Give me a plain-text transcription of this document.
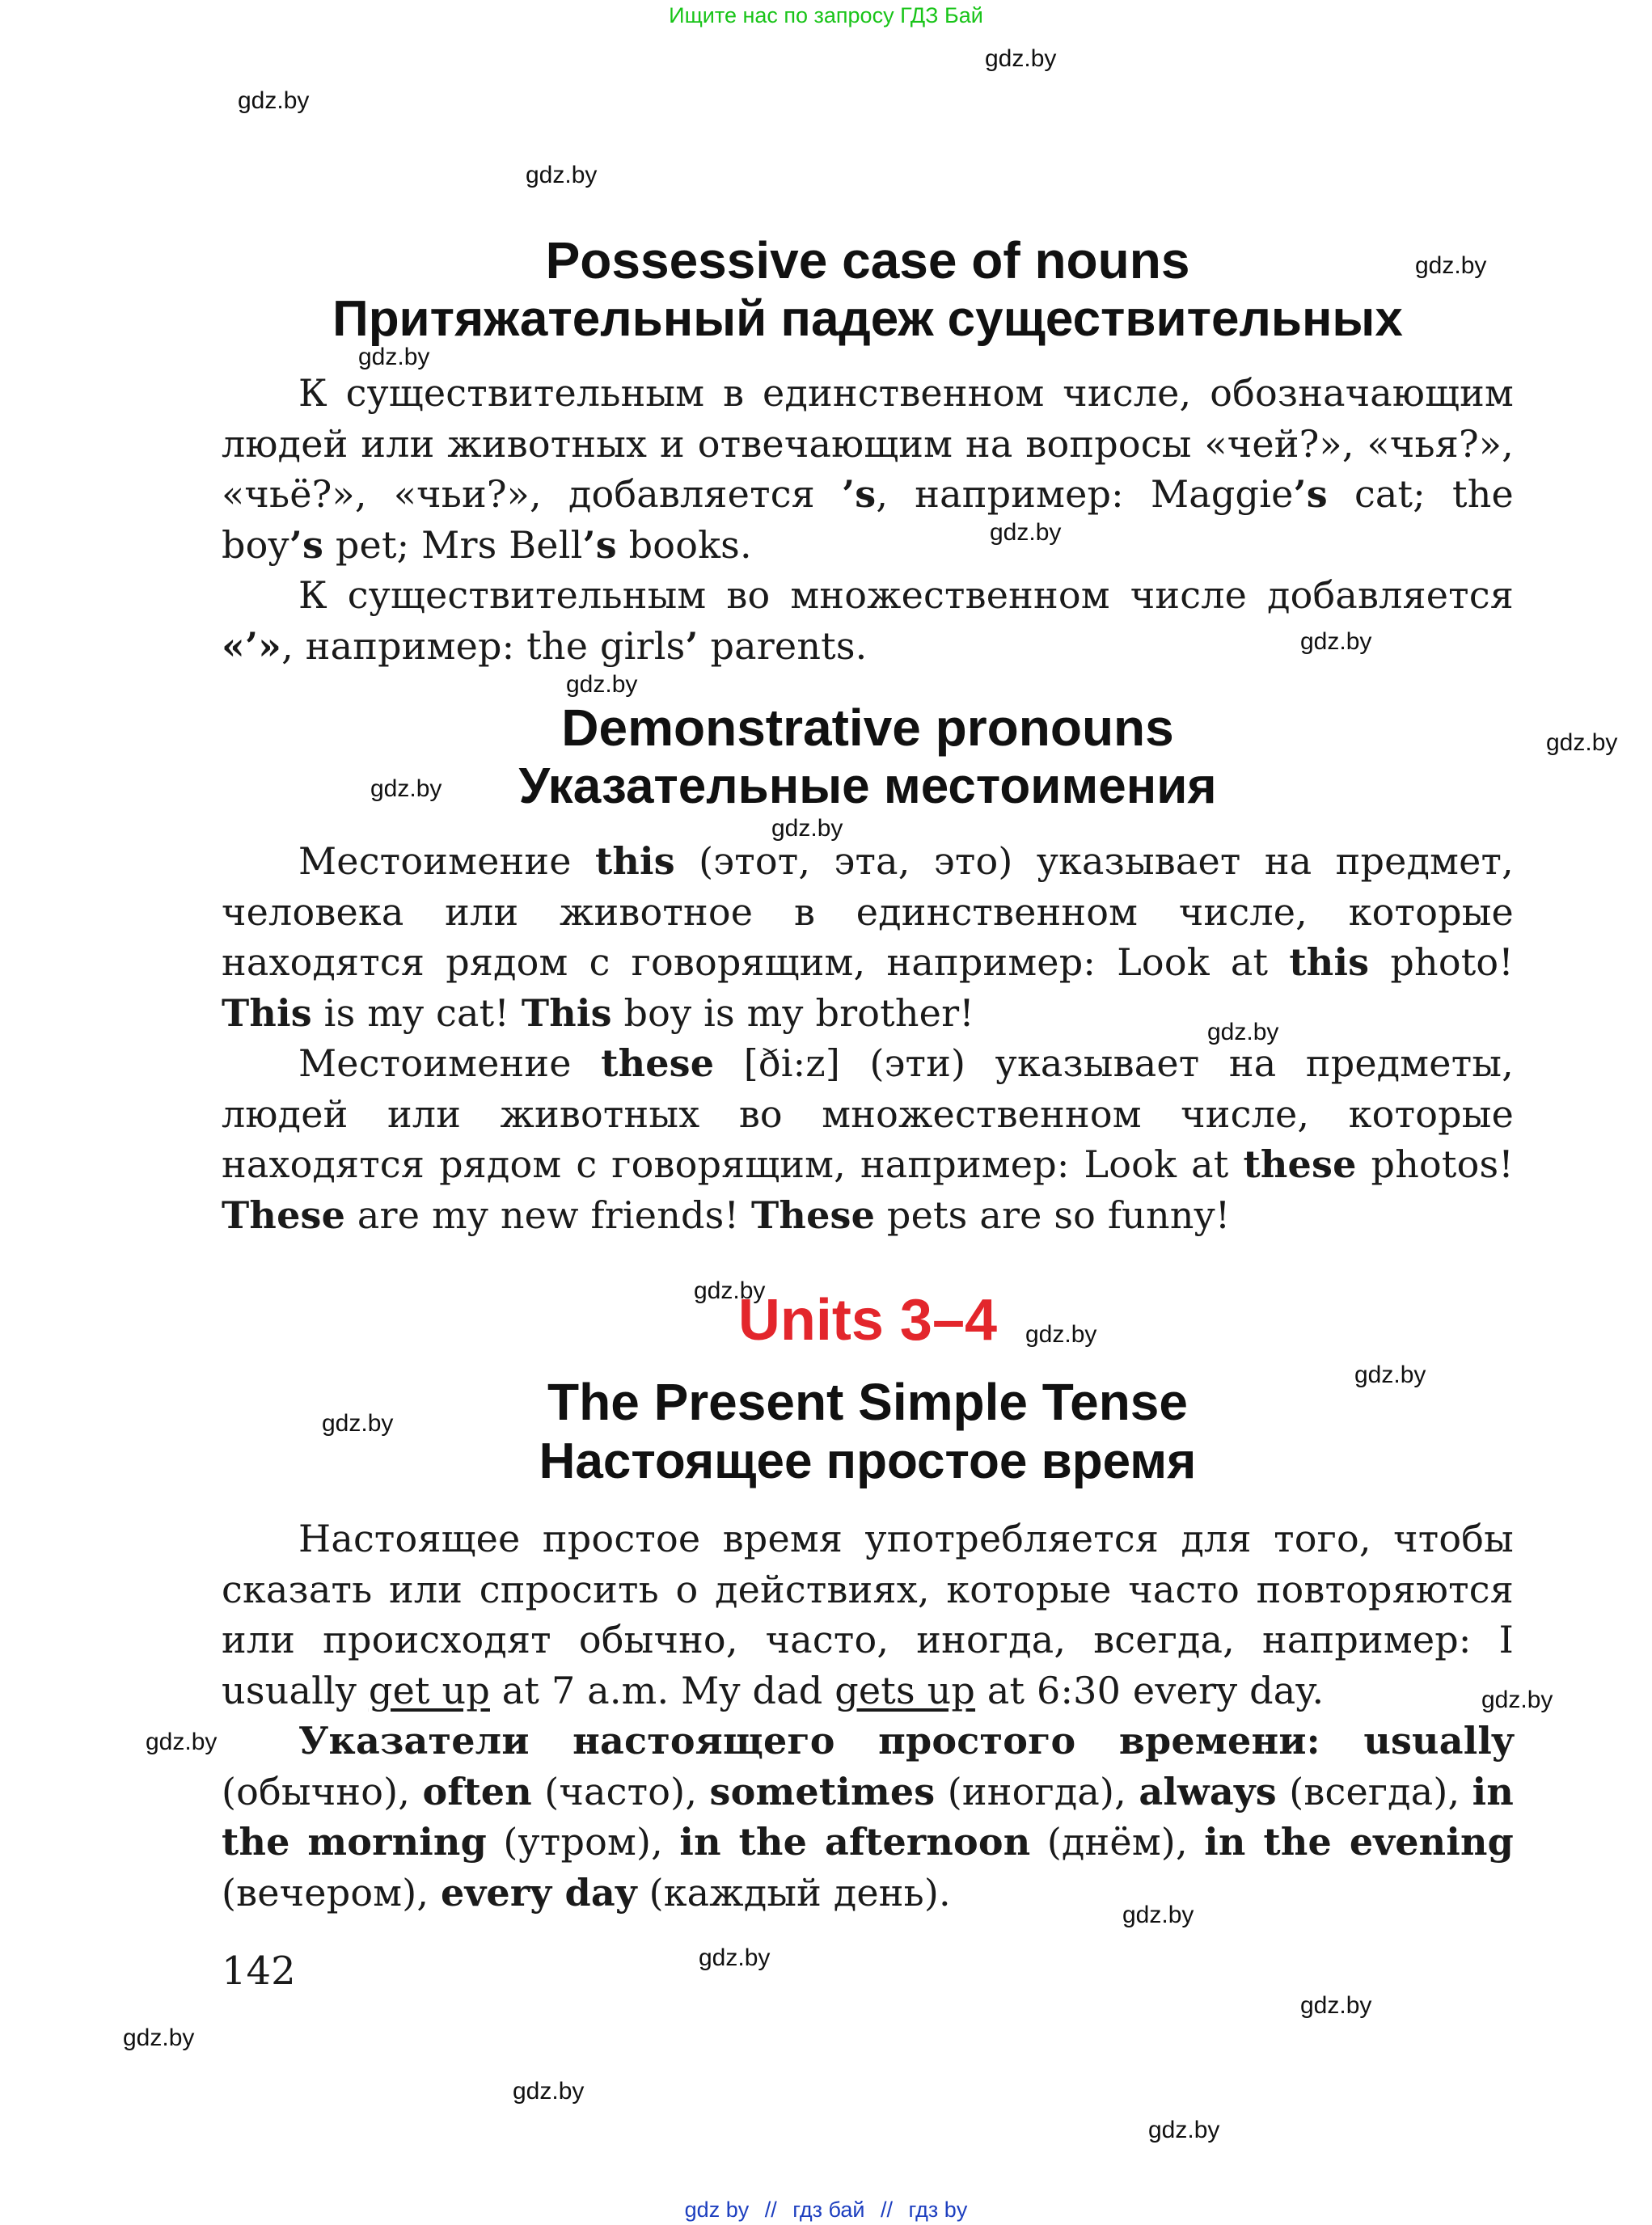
Ищите нас по запросу ГДЗ Бай
gdz.by
gdz.by
gdz.by
gdz.by
gdz.by
gdz.by
gdz.by
gdz.by
gdz.by
gdz.by
gdz.by
gdz.by
gdz.by
gdz.by
gdz.by
gdz.by
gdz.by
gdz.by
gdz.by
gdz.by
gdz.by
gdz.by
gdz.by
gdz.by
Possessive case of nouns
Притяжательный падеж существительных

К существительным в единственном числе, обозначающим людей или животных и отвечающим на вопросы «чей?», «чья?», «чьё?», «чьи?», добавляется ’s, например: Maggie’s cat; the boy’s pet; Mrs Bell’s books.

К существительным во множественном числе добавляется «’», например: the girls’ parents.

Demonstrative pronouns
Указательные местоимения

Местоимение this (этот, эта, это) указывает на предмет, человека или животное в единственном числе, которые находятся рядом с говорящим, например: Look at this photo! This is my cat! This boy is my brother!

Местоимение these [ði:z] (эти) указывает на предметы, людей или животных во множественном числе, которые находятся рядом с говорящим, например: Look at these photos! These are my new friends! These pets are so funny!

Units 3–4
The Present Simple Tense
Настоящее простое время

Настоящее простое время употребляется для того, чтобы сказать или спросить о действиях, которые часто повторяются или происходят обычно, часто, иногда, всегда, например: I usually get up at 7 a.m. My dad gets up at 6:30 every day.

Указатели настоящего простого времени: usually (обычно), often (часто), sometimes (иногда), always (всегда), in the morning (утром), in the afternoon (днём), in the evening (вечером), every day (каждый день).

142
gdz by // гдз бай // гдз by
